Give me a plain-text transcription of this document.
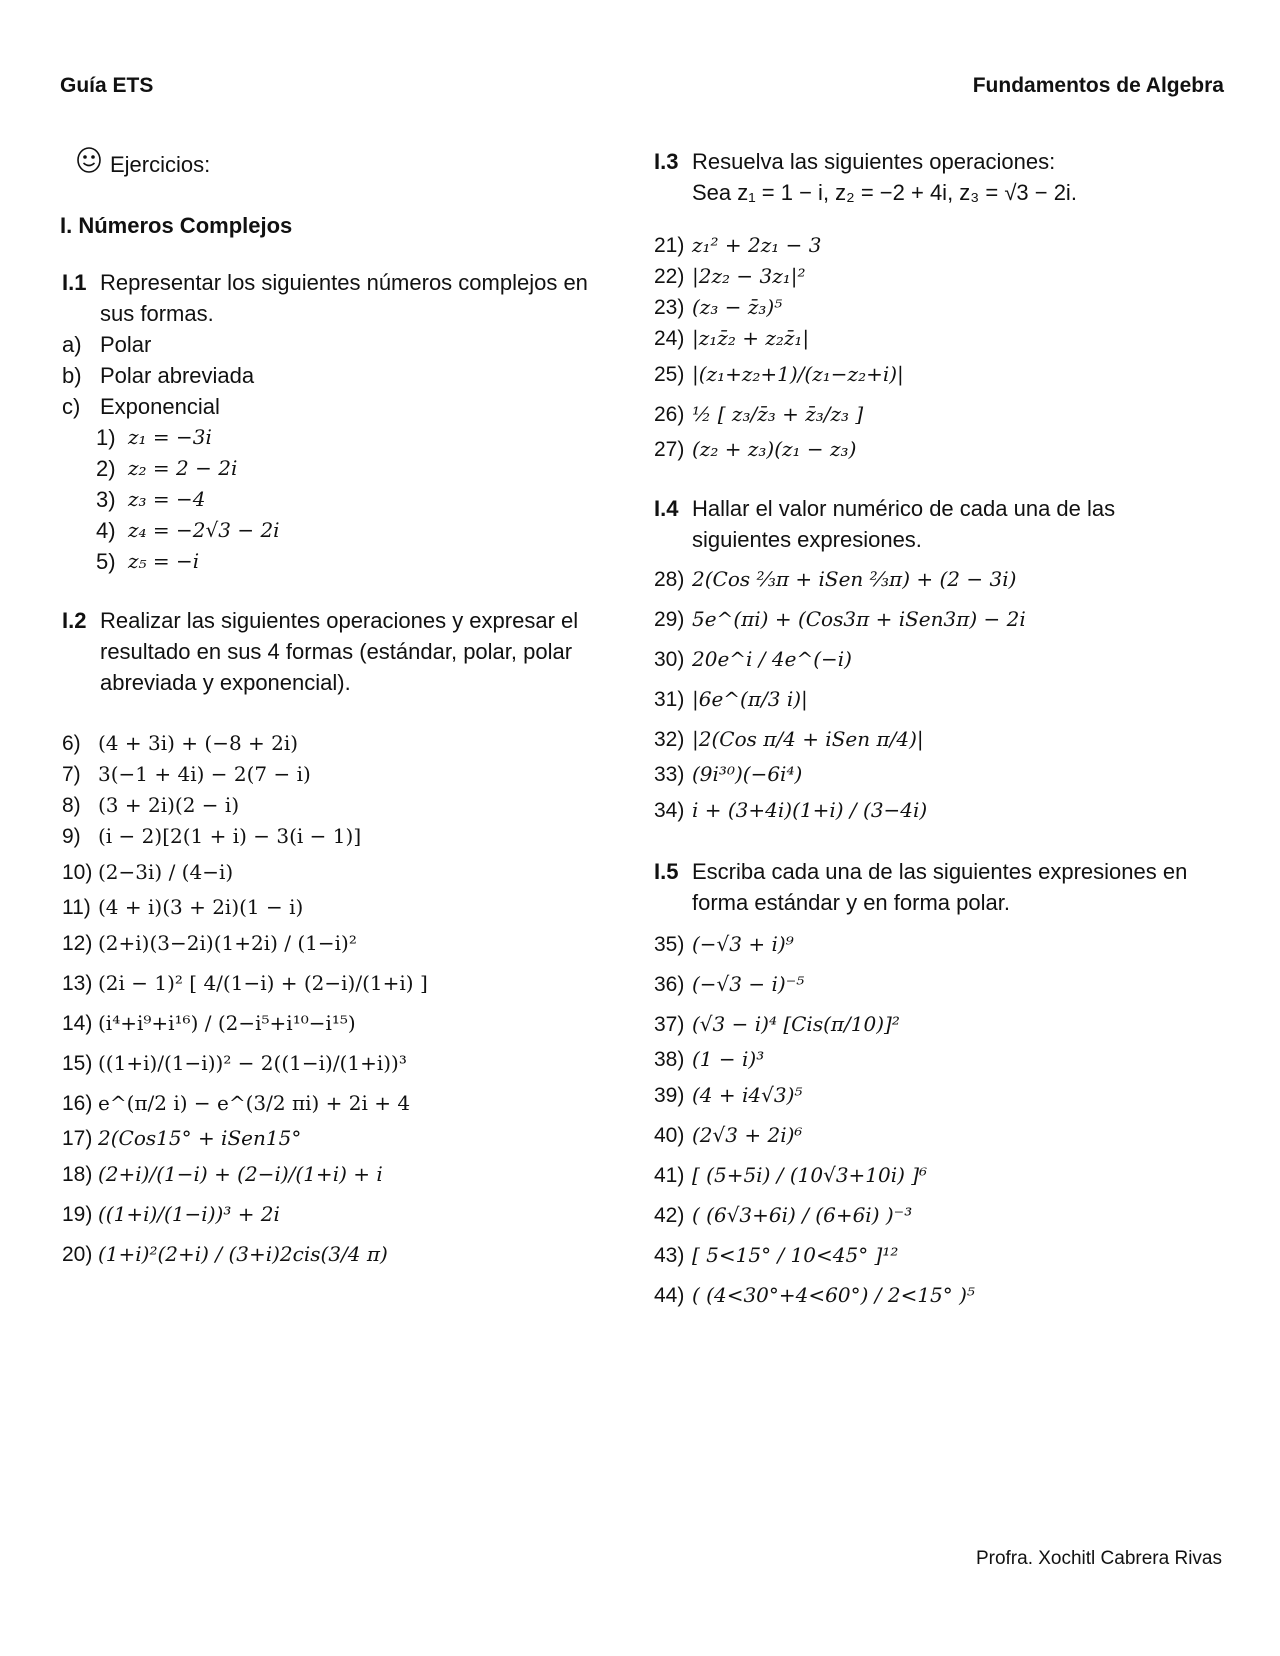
Guía ETS	Fundamentos de Algebra
Ejercicios:
I. Números Complejos
I.1 Representar los siguientes números complejos en
sus formas.
a) Polar
b) Polar abreviada
c) Exponencial
1) z₁ = −3i
2) z₂ = 2 − 2i
3) z₃ = −4
4) z₄ = −2√3 − 2i
5) z₅ = −i
I.2 Realizar las siguientes operaciones y expresar el
resultado en sus 4 formas (estándar, polar, polar
abreviada y exponencial).
6) (4 + 3i) + (−8 + 2i)
7) 3(−1 + 4i) − 2(7 − i)
8) (3 + 2i)(2 − i)
9) (i − 2)[2(1 + i) − 3(i − 1)]
10) (2−3i) / (4−i)
11) (4 + i)(3 + 2i)(1 − i)
12) (2+i)(3−2i)(1+2i) / (1−i)²
13) (2i − 1)² [ 4/(1−i) + (2−i)/(1+i) ]
14) (i⁴+i⁹+i¹⁶) / (2−i⁵+i¹⁰−i¹⁵)
15) ((1+i)/(1−i))² − 2((1−i)/(1+i))³
16) e^(π/2 i) − e^(3/2 πi) + 2i + 4
17) 2(Cos15° + iSen15°
18) (2+i)/(1−i) + (2−i)/(1+i) + i
19) ((1+i)/(1−i))³ + 2i
20) (1+i)²(2+i) / (3+i)2cis(3/4 π)
I.3 Resuelva las siguientes operaciones:
Sea z₁ = 1 − i, z₂ = −2 + 4i, z₃ = √3 − 2i.
21) z₁² + 2z₁ − 3
22) |2z₂ − 3z₁|²
23) (z₃ − z̄₃)⁵
24) |z₁z̄₂ + z₂z̄₁|
25) |(z₁+z₂+1)/(z₁−z₂+i)|
26) ½ [ z₃/z̄₃ + z̄₃/z₃ ]
27) (z₂ + z₃)(z₁ − z₃)
I.4 Hallar el valor numérico de cada una de las
siguientes expresiones.
28) 2(Cos ⅔π + iSen ⅔π) + (2 − 3i)
29) 5e^(πi) + (Cos3π + iSen3π) − 2i
30) 20e^i / 4e^(−i)
31) |6e^(π/3 i)|
32) |2(Cos π/4 + iSen π/4)|
33) (9i³⁰)(−6i⁴)
34) i + (3+4i)(1+i) / (3−4i)
I.5 Escriba cada una de las siguientes expresiones en
forma estándar y en forma polar.
35) (−√3 + i)⁹
36) (−√3 − i)⁻⁵
37) (√3 − i)⁴ [Cis(π/10)]²
38) (1 − i)³
39) (4 + i4√3)⁵
40) (2√3 + 2i)⁶
41) [ (5+5i) / (10√3+10i) ]⁶
42) ( (6√3+6i) / (6+6i) )⁻³
43) [ 5<15° / 10<45° ]¹²
44) ( (4<30°+4<60°) / 2<15° )⁵
Profra. Xochitl Cabrera Rivas
